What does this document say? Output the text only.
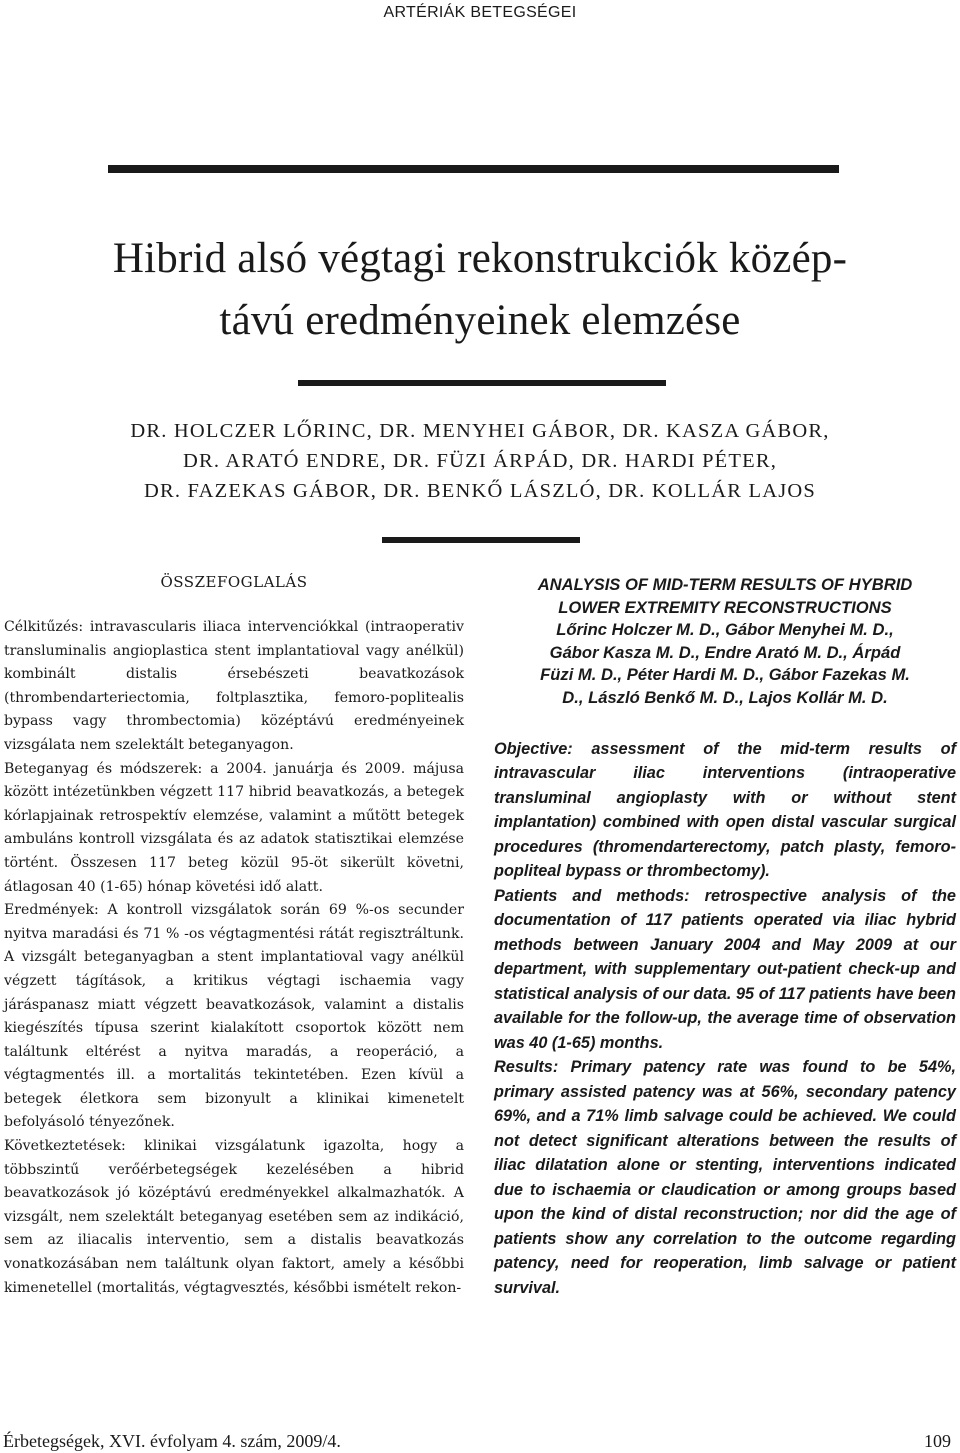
ARTÉRIÁK BETEGSÉGEI
Hibrid alsó végtagi rekonstrukciók közép-
távú eredményeinek elemzése
DR. HOLCZER LŐRINC, DR. MENYHEI GÁBOR, DR. KASZA GÁBOR,
DR. ARATÓ ENDRE, DR. FÜZI ÁRPÁD, DR. HARDI PÉTER,
DR. FAZEKAS GÁBOR, DR. BENKŐ LÁSZLÓ, DR. KOLLÁR LAJOS
ÖSSZEFOGLALÁS

Célkitűzés: intravascularis iliaca intervenciókkal (intraoperativ transluminalis angioplastica stent implantatioval vagy anélkül) kombinált distalis érsebészeti beavatkozások (thrombendarteriectomia, foltplasztika, femoro-poplitealis bypass vagy thrombectomia) középtávú eredményeinek vizsgálata nem szelektált beteganyagon.

Beteganyag és módszerek: a 2004. januárja és 2009. májusa között intézetünkben végzett 117 hibrid beavatkozás, a betegek kórlapjainak retrospektív elemzése, valamint a műtött betegek ambuláns kontroll vizsgálata és az adatok statisztikai elemzése történt. Összesen 117 beteg közül 95-öt sikerült követni, átlagosan 40 (1-65) hónap követési idő alatt.

Eredmények: A kontroll vizsgálatok során 69 %-os secunder nyitva maradási és 71 % -os végtagmentési rátát regisztráltunk. A vizsgált beteganyagban a stent implantatioval vagy anélkül végzett tágítások, a kritikus végtagi ischaemia vagy járáspanasz miatt végzett beavatkozások, valamint a distalis kiegészítés típusa szerint kialakított csoportok között nem találtunk eltérést a nyitva maradás, a reoperáció, a végtagmentés ill. a mortalitás tekintetében. Ezen kívül a betegek életkora sem bizonyult a klinikai kimenetelt befolyásoló tényezőnek.

Következtetések: klinikai vizsgálatunk igazolta, hogy a többszintű verőérbetegségek kezelésében a hibrid beavatkozások jó középtávú eredményekkel alkalmazhatók. A vizsgált, nem szelektált beteganyag esetében sem az indikáció, sem az iliacalis interventio, sem a distalis beavatkozás vonatkozásában nem találtunk olyan faktort, amely a későbbi kimenetellel (mortalitás, végtagvesztés, későbbi ismételt rekon-

ANALYSIS OF MID-TERM RESULTS OF HYBRID
LOWER EXTREMITY RECONSTRUCTIONS
Lőrinc Holczer M. D., Gábor Menyhei M. D.,
Gábor Kasza M. D., Endre Arató M. D., Árpád
Füzi M. D., Péter Hardi M. D., Gábor Fazekas M.
D., László Benkő M. D., Lajos Kollár M. D.

Objective: assessment of the mid-term results of intravascular iliac interventions (intraoperative transluminal angioplasty with or without stent implantation) combined with open distal vascular surgical procedures (thromendarterectomy, patch plasty, femoro-popliteal bypass or thrombectomy).

Patients and methods: retrospective analysis of the documentation of 117 patients operated via iliac hybrid methods between January 2004 and May 2009 at our department, with supplementary out-patient check-up and statistical analysis of our data. 95 of 117 patients have been available for the follow-up, the average time of observation was 40 (1-65) months.

Results: Primary patency rate was found to be 54%, primary assisted patency was at 56%, secondary patency 69%, and a 71% limb salvage could be achieved. We could not detect significant alterations between the results of iliac dilatation alone or stenting, interventions indicated due to ischaemia or claudication or among groups based upon the kind of distal reconstruction; nor did the age of patients show any correlation to the outcome regarding patency, need for reoperation, limb salvage or patient survival.

Érbetegségek, XVI. évfolyam 4. szám, 2009/4.	109
